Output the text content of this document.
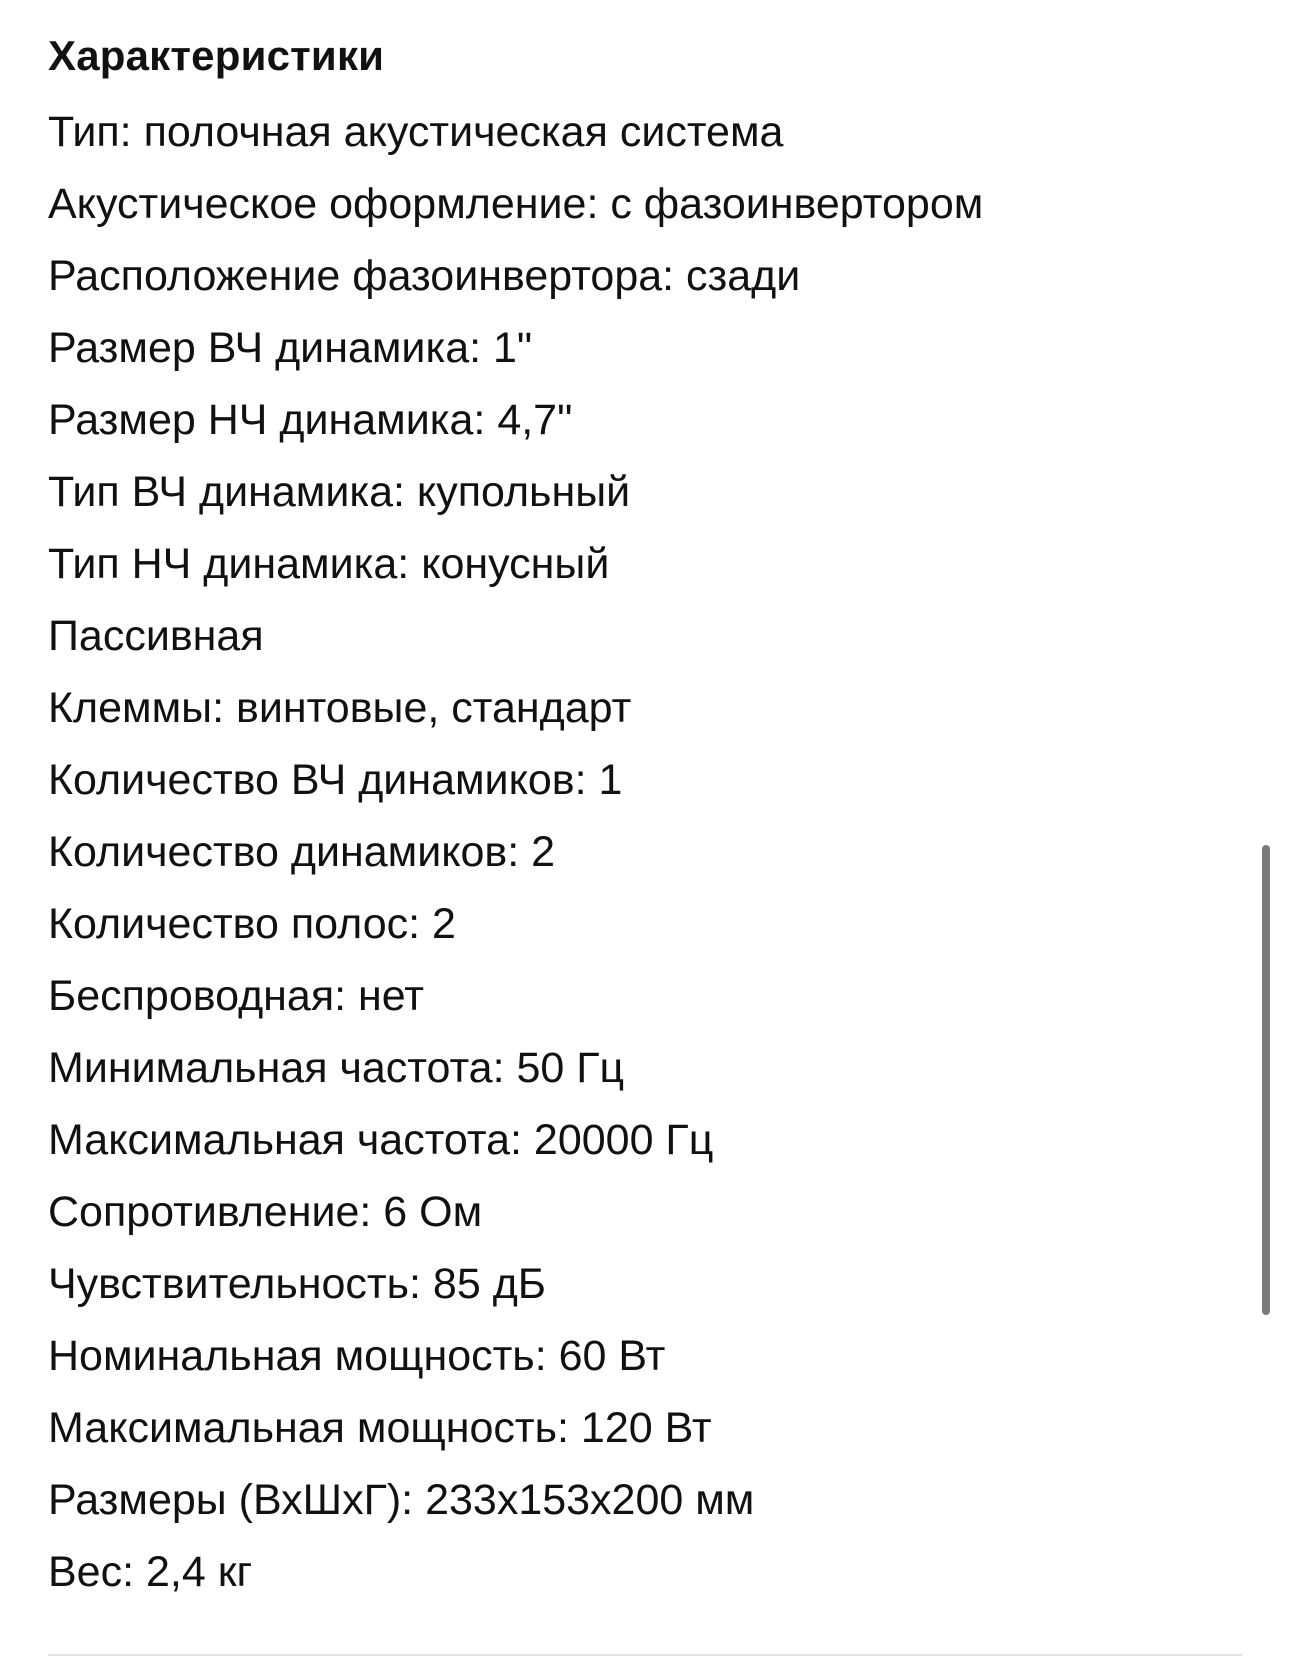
Характеристики
Тип: полочная акустическая система
Акустическое оформление: с фазоинвертором
Расположение фазоинвертора: сзади
Размер ВЧ динамика: 1"
Размер НЧ динамика: 4,7"
Тип ВЧ динамика: купольный
Тип НЧ динамика: конусный
Пассивная
Клеммы: винтовые, стандарт
Количество ВЧ динамиков: 1
Количество динамиков: 2
Количество полос: 2
Беспроводная: нет
Минимальная частота: 50 Гц
Максимальная частота: 20000 Гц
Сопротивление: 6 Ом
Чувствительность: 85 дБ
Номинальная мощность: 60 Вт
Максимальная мощность: 120 Вт
Размеры (ВхШхГ): 233x153x200 мм
Вес: 2,4 кг
